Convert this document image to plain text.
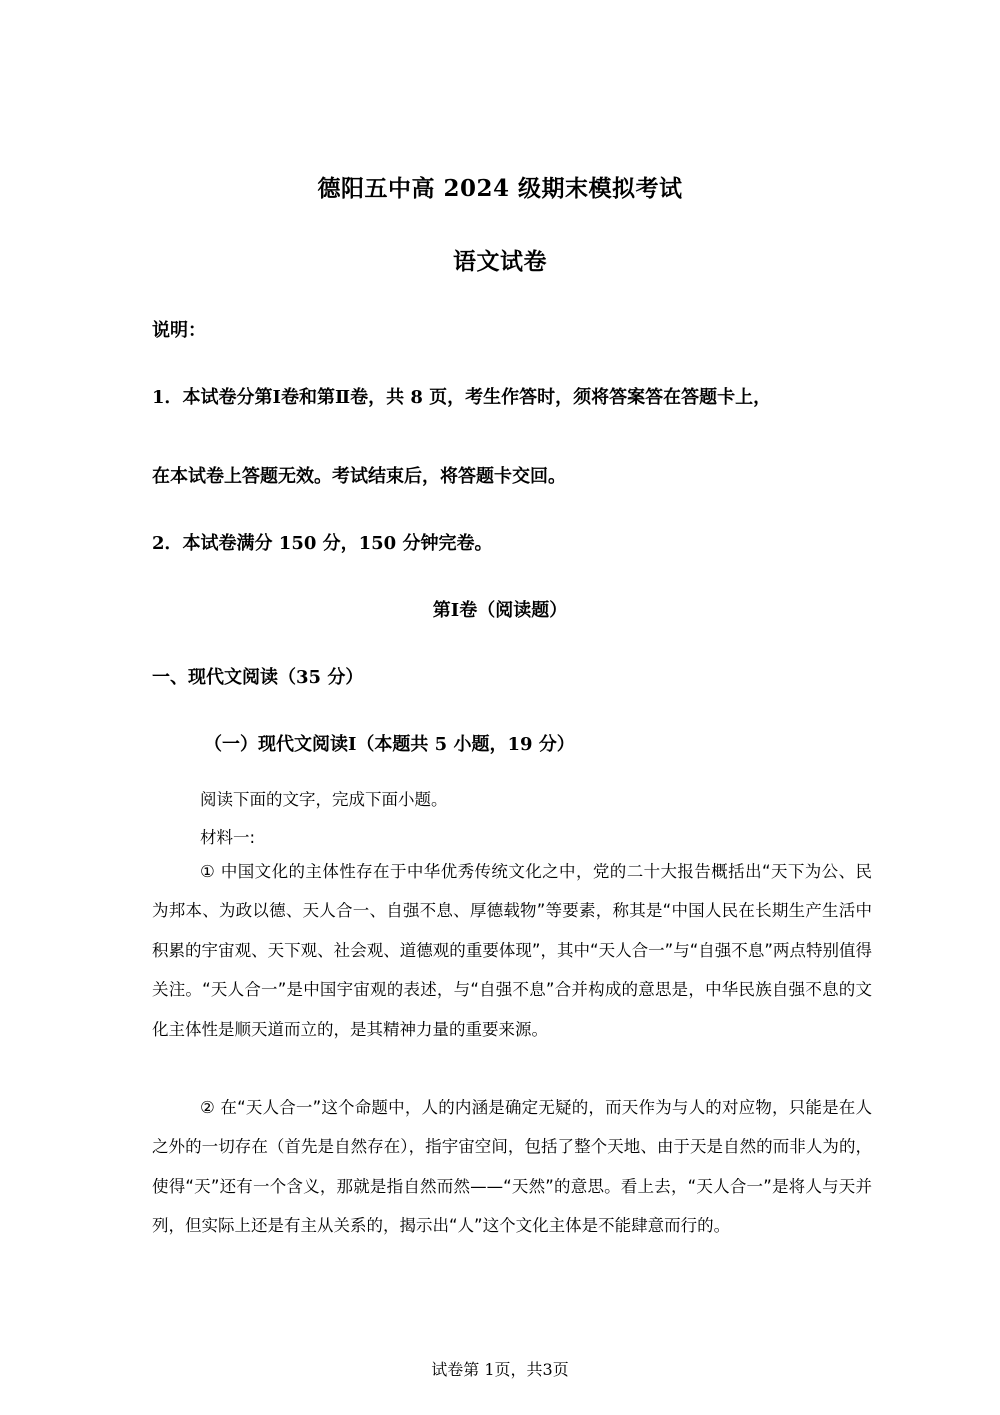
德阳五中高 2024 级期末模拟考试
语文试卷
说明：
1．本试卷分第Ⅰ卷和第Ⅱ卷，共 8 页，考生作答时，须将答案答在答题卡上，
在本试卷上答题无效。考试结束后，将答题卡交回。
2．本试卷满分 150 分，150 分钟完卷。
第Ⅰ卷（阅读题）
一、现代文阅读（35 分）
（一）现代文阅读Ⅰ（本题共 5 小题，19 分）
阅读下面的文字，完成下面小题。
材料一:
① 中国文化的主体性存在于中华优秀传统文化之中，党的二十大报告概括出“天下为公、民为邦本、为政以德、天人合一、自强不息、厚德载物”等要素，称其是“中国人民在长期生产生活中积累的宇宙观、天下观、社会观、道德观的重要体现”，其中“天人合一”与“自强不息”两点特别值得关注。“天人合一”是中国宇宙观的表述，与“自强不息”合并构成的意思是，中华民族自强不息的文化主体性是顺天道而立的，是其精神力量的重要来源。
② 在“天人合一”这个命题中，人的内涵是确定无疑的，而天作为与人的对应物，只能是在人之外的一切存在（首先是自然存在），指宇宙空间，包括了整个天地、由于天是自然的而非人为的，使得“天”还有一个含义，那就是指自然而然——“天然”的意思。看上去，“天人合一”是将人与天并列，但实际上还是有主从关系的，揭示出“人”这个文化主体是不能肆意而行的。
试卷第 1页，共3页
